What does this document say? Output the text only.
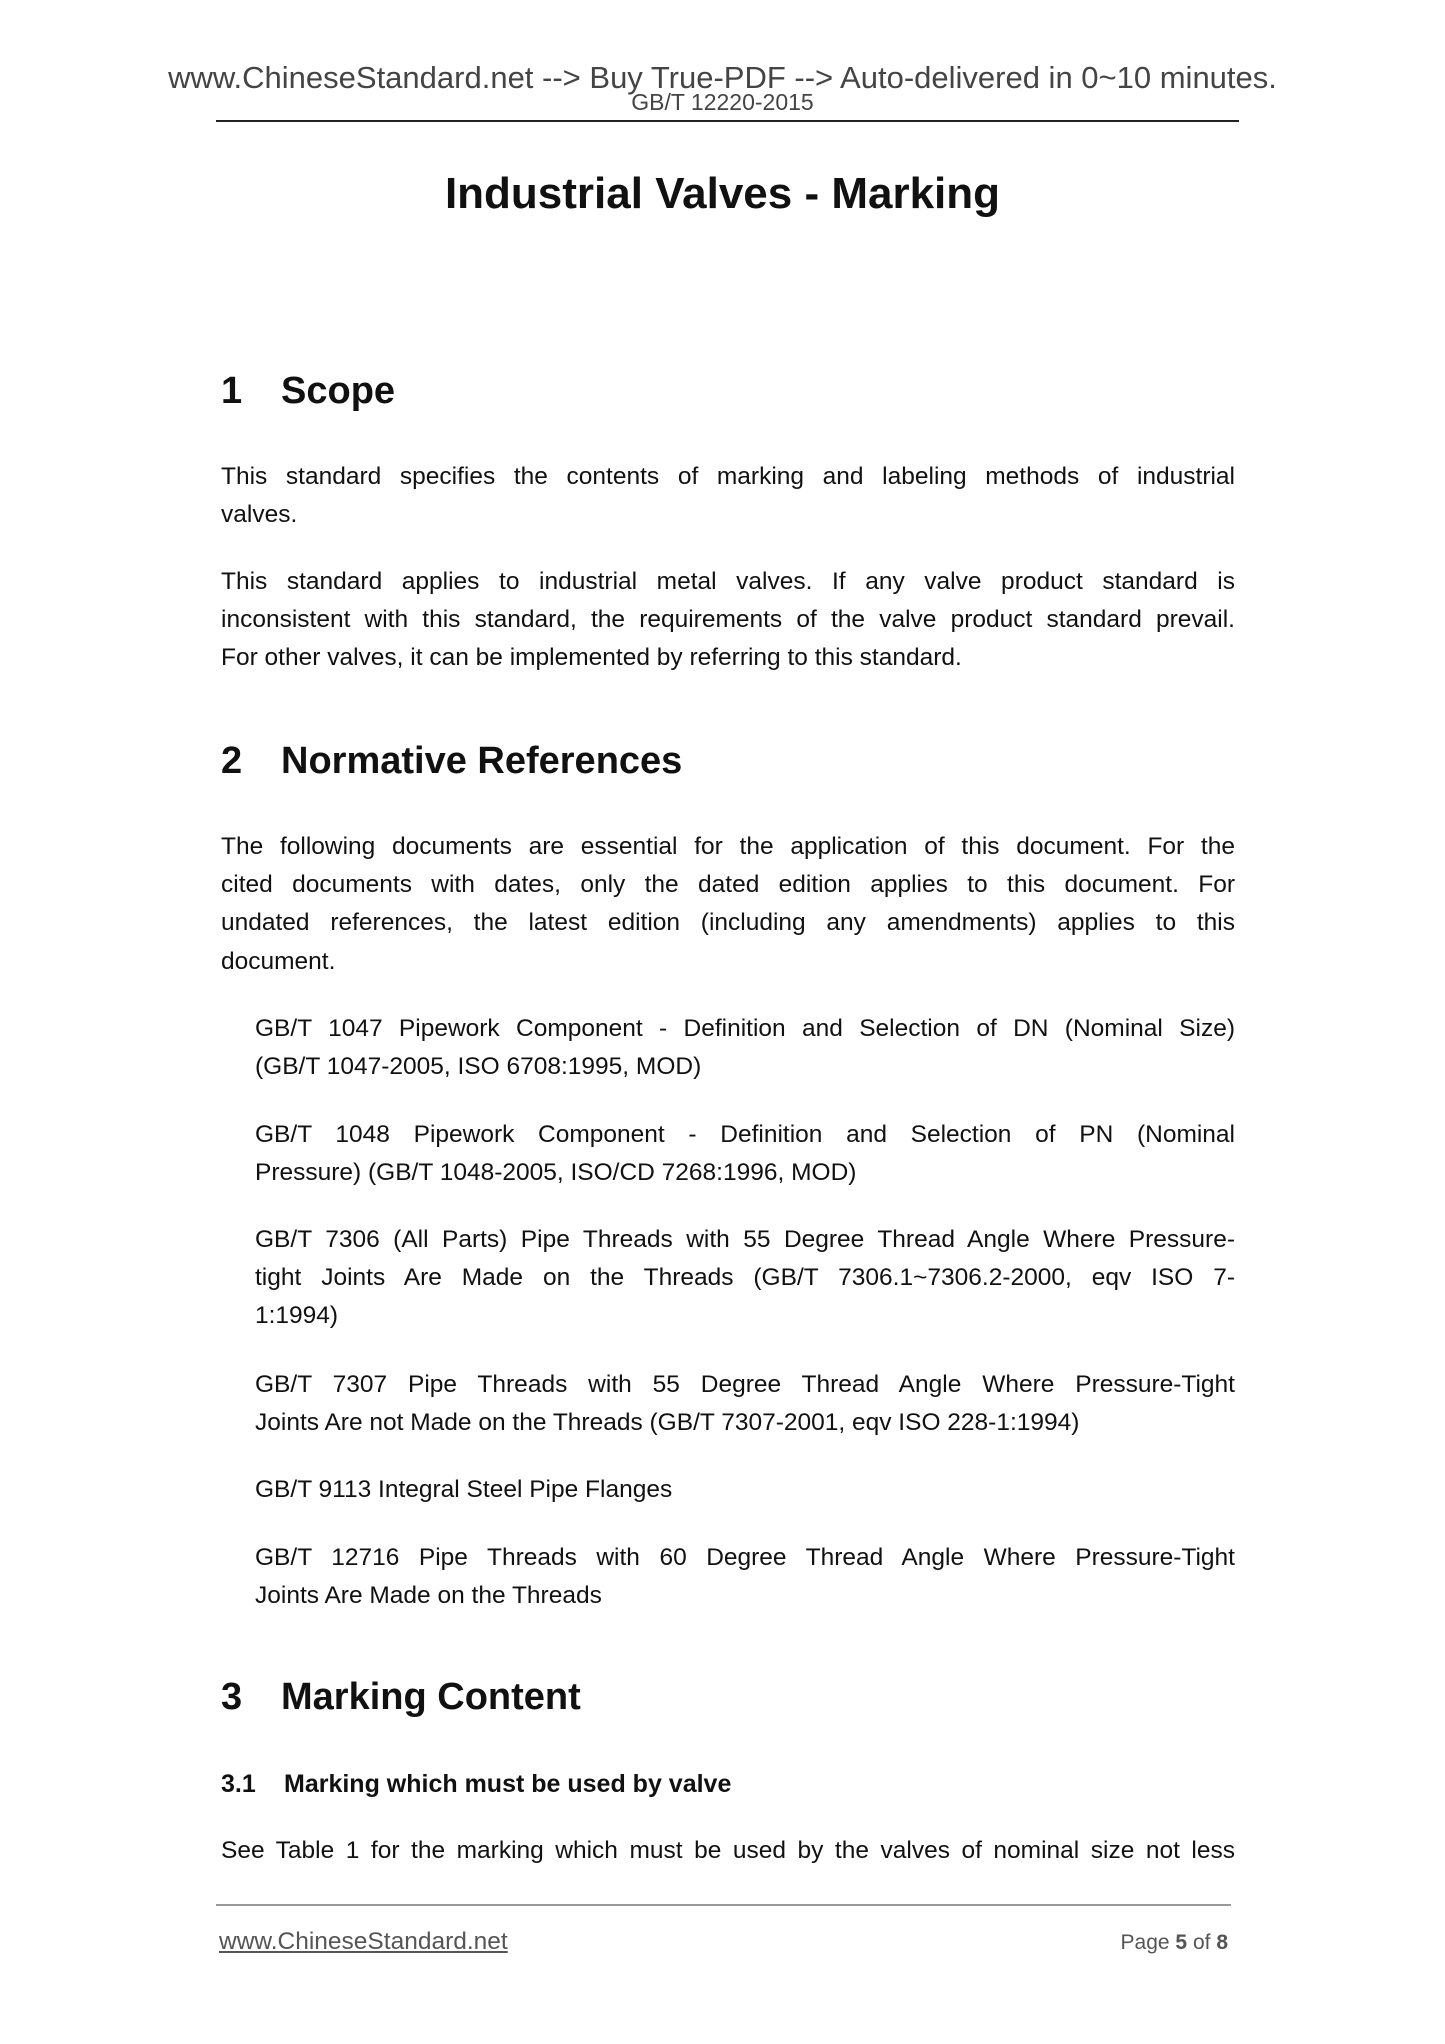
www.ChineseStandard.net --> Buy True-PDF --> Auto-delivered in 0~10 minutes.
GB/T 12220-2015
Industrial Valves - Marking
1 Scope
This standard specifies the contents of marking and labeling methods of industrial
valves.
This standard applies to industrial metal valves. If any valve product standard is
inconsistent with this standard, the requirements of the valve product standard prevail.
For other valves, it can be implemented by referring to this standard.
2 Normative References
The following documents are essential for the application of this document. For the
cited documents with dates, only the dated edition applies to this document. For
undated references, the latest edition (including any amendments) applies to this
document.
GB/T 1047 Pipework Component - Definition and Selection of DN (Nominal Size)
(GB/T 1047-2005, ISO 6708:1995, MOD)
GB/T 1048 Pipework Component - Definition and Selection of PN (Nominal
Pressure) (GB/T 1048-2005, ISO/CD 7268:1996, MOD)
GB/T 7306 (All Parts) Pipe Threads with 55 Degree Thread Angle Where Pressure-
tight Joints Are Made on the Threads (GB/T 7306.1~7306.2-2000, eqv ISO 7-
1:1994)
GB/T 7307 Pipe Threads with 55 Degree Thread Angle Where Pressure-Tight
Joints Are not Made on the Threads (GB/T 7307-2001, eqv ISO 228-1:1994)
GB/T 9113 Integral Steel Pipe Flanges
GB/T 12716 Pipe Threads with 60 Degree Thread Angle Where Pressure-Tight
Joints Are Made on the Threads
3 Marking Content
3.1 Marking which must be used by valve
See Table 1 for the marking which must be used by the valves of nominal size not less
www.ChineseStandard.net	Page 5 of 8
